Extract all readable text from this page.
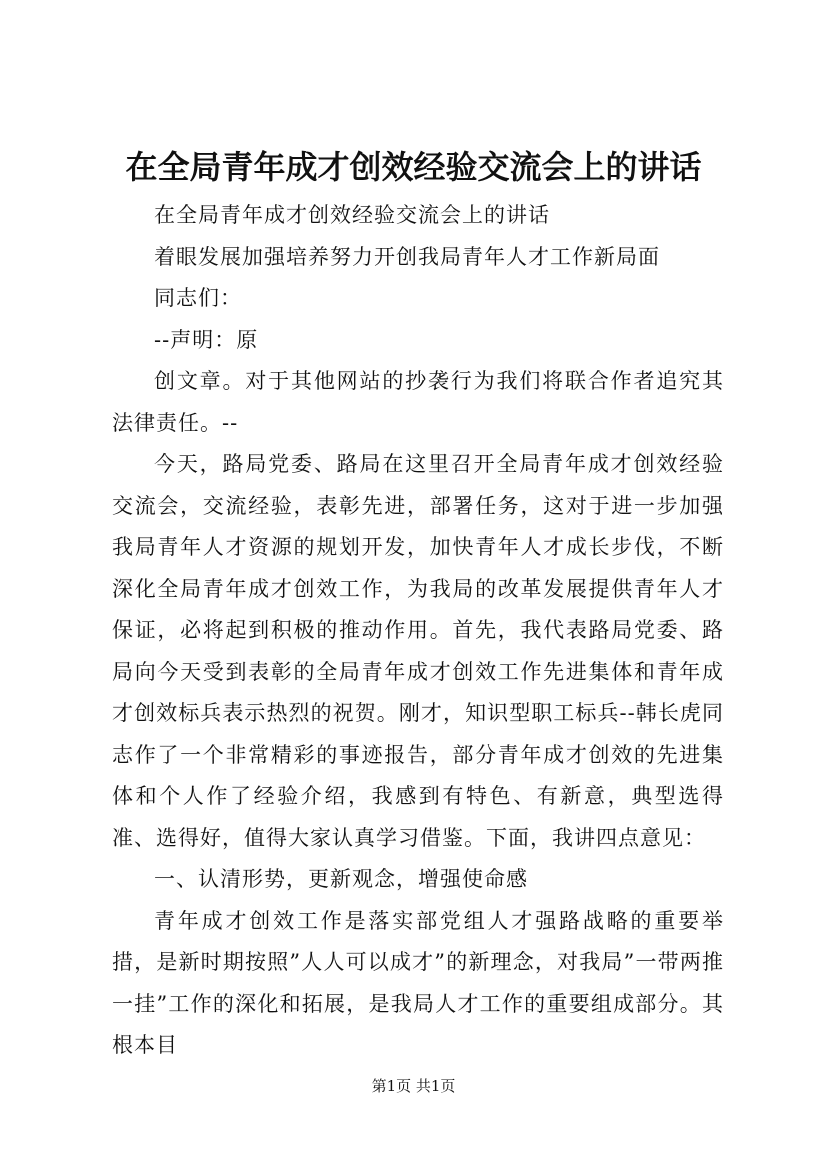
在全局青年成才创效经验交流会上的讲话

在全局青年成才创效经验交流会上的讲话

着眼发展加强培养努力开创我局青年人才工作新局面

同志们：

--声明：原

创文章。对于其他网站的抄袭行为我们将联合作者追究其法律责任。--

今天，路局党委、路局在这里召开全局青年成才创效经验交流会，交流经验，表彰先进，部署任务，这对于进一步加强我局青年人才资源的规划开发，加快青年人才成长步伐，不断深化全局青年成才创效工作，为我局的改革发展提供青年人才保证，必将起到积极的推动作用。首先，我代表路局党委、路局向今天受到表彰的全局青年成才创效工作先进集体和青年成才创效标兵表示热烈的祝贺。刚才，知识型职工标兵--韩长虎同志作了一个非常精彩的事迹报告，部分青年成才创效的先进集体和个人作了经验介绍，我感到有特色、有新意，典型选得准、选得好，值得大家认真学习借鉴。下面，我讲四点意见：

一、认清形势，更新观念，增强使命感

青年成才创效工作是落实部党组人才强路战略的重要举措，是新时期按照”人人可以成才”的新理念，对我局”一带两推一挂”工作的深化和拓展，是我局人才工作的重要组成部分。其根本目

第1页 共1页
